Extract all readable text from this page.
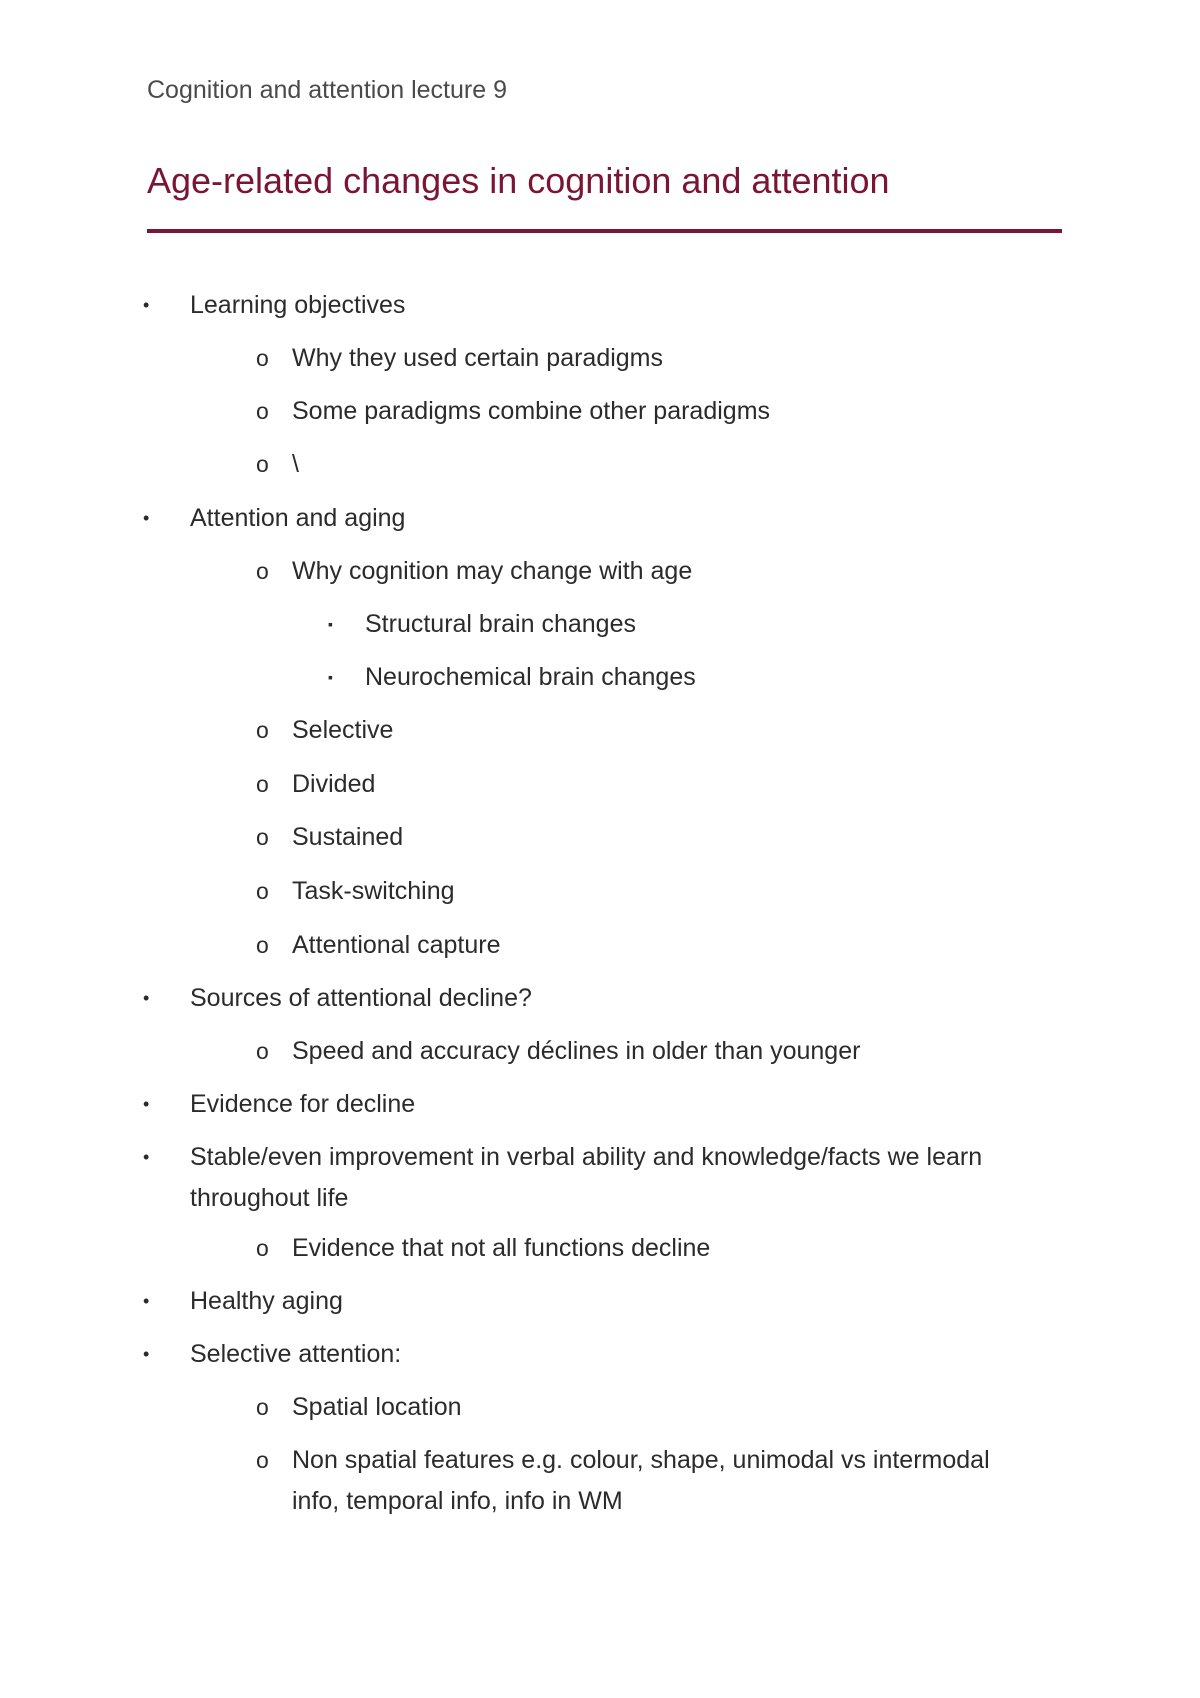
Cognition and attention lecture 9
Age-related changes in cognition and attention
• Learning objectives
o Why they used certain paradigms
o Some paradigms combine other paradigms
o \
• Attention and aging
o Why cognition may change with age
▪ Structural brain changes
▪ Neurochemical brain changes
o Selective
o Divided
o Sustained
o Task-switching
o Attentional capture
• Sources of attentional decline?
o Speed and accuracy déclines in older than younger
• Evidence for decline
• Stable/even improvement in verbal ability and knowledge/facts we learn throughout life
o Evidence that not all functions decline
• Healthy aging
• Selective attention:
o Spatial location
o Non spatial features e.g. colour, shape, unimodal vs intermodal info, temporal info, info in WM
